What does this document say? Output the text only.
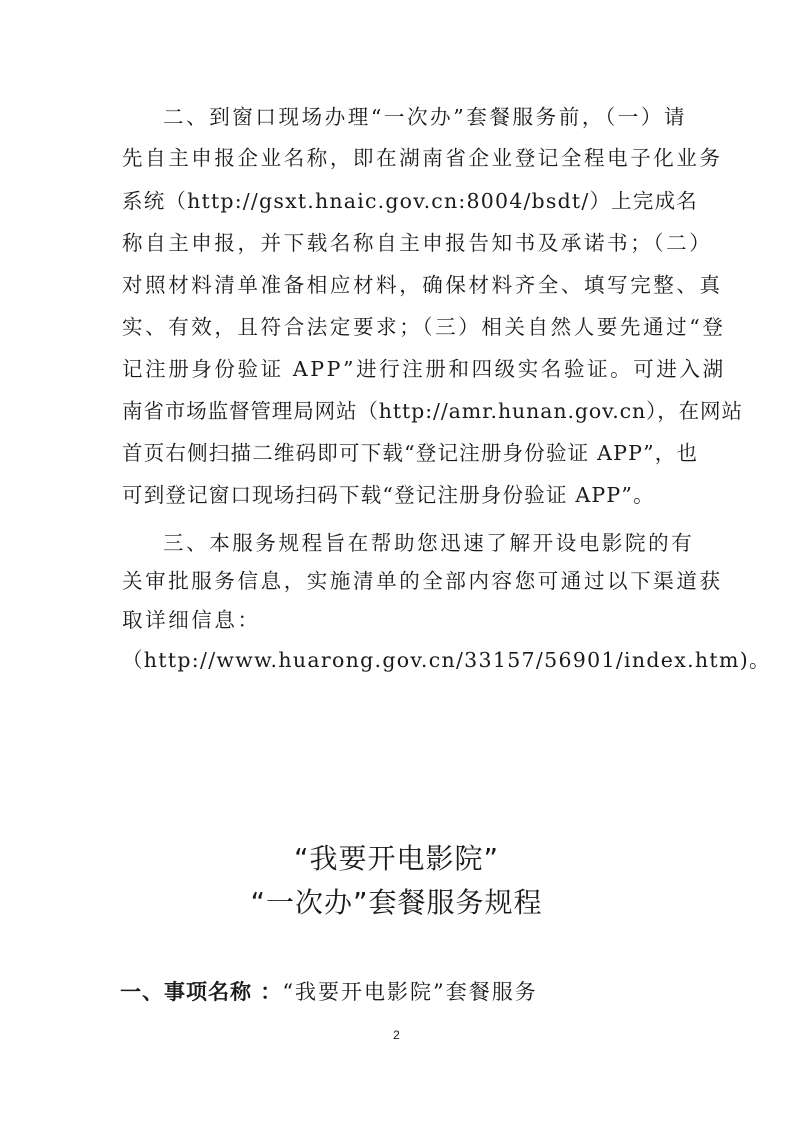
二、到窗口现场办理“一次办”套餐服务前，（一）请
先自主申报企业名称，即在湖南省企业登记全程电子化业务
系统（http://gsxt.hnaic.gov.cn:8004/bsdt/）上完成名
称自主申报，并下载名称自主申报告知书及承诺书；（二）
对照材料清单准备相应材料，确保材料齐全、填写完整、真
实、有效，且符合法定要求；（三）相关自然人要先通过“登
记注册身份验证 APP”进行注册和四级实名验证。可进入湖
南省市场监督管理局网站（http://amr.hunan.gov.cn），在网站
首页右侧扫描二维码即可下载“登记注册身份验证 APP”，也
可到登记窗口现场扫码下载“登记注册身份验证 APP”。
三、本服务规程旨在帮助您迅速了解开设电影院的有
关审批服务信息，实施清单的全部内容您可通过以下渠道获
取详细信息：
（http://www.huarong.gov.cn/33157/56901/index.htm)。
“我要开电影院”
“一次办”套餐服务规程
一、事项名称 ：“我要开电影院”套餐服务
2
